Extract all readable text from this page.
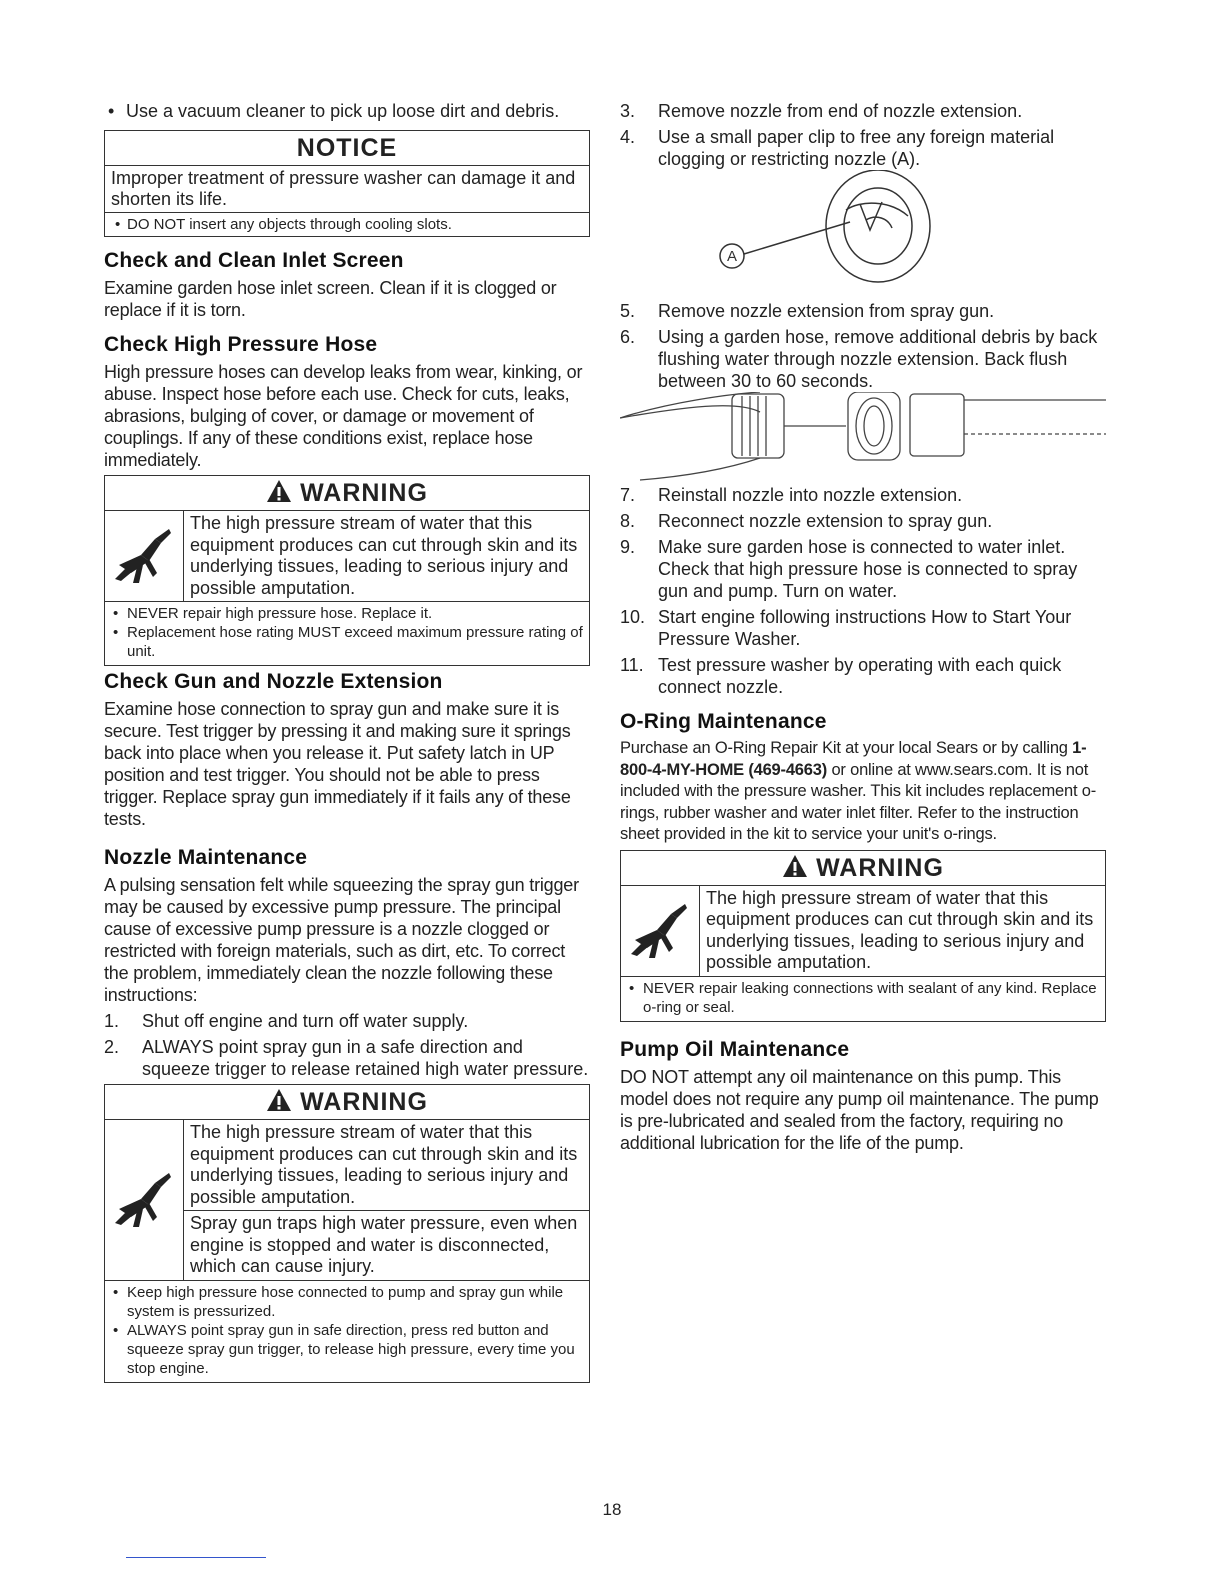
• Use a vacuum cleaner to pick up loose dirt and debris.
NOTICE
Improper treatment of pressure washer can damage it and shorten its life.
• DO NOT insert any objects through cooling slots.
Check and Clean Inlet Screen

Examine garden hose inlet screen. Clean if it is clogged or replace if it is torn.

Check High Pressure Hose

High pressure hoses can develop leaks from wear, kinking, or abuse. Inspect hose before each use. Check for cuts, leaks, abrasions, bulging of cover, or damage or movement of couplings. If any of these conditions exist, replace hose immediately.

WARNING
The high pressure stream of water that this equipment produces can cut through skin and its underlying tissues, leading to serious injury and possible amputation.
• NEVER repair high pressure hose. Replace it.
• Replacement hose rating MUST exceed maximum pressure rating of unit.
Check Gun and Nozzle Extension

Examine hose connection to spray gun and make sure it is secure. Test trigger by pressing it and making sure it springs back into place when you release it. Put safety latch in UP position and test trigger. You should not be able to press trigger. Replace spray gun immediately if it fails any of these tests.

Nozzle Maintenance

A pulsing sensation felt while squeezing the spray gun trigger may be caused by excessive pump pressure. The principal cause of excessive pump pressure is a nozzle clogged or restricted with foreign materials, such as dirt, etc. To correct the problem, immediately clean the nozzle following these instructions:

1. Shut off engine and turn off water supply.
2. ALWAYS point spray gun in a safe direction and squeeze trigger to release retained high water pressure.
WARNING
The high pressure stream of water that this equipment produces can cut through skin and its underlying tissues, leading to serious injury and possible amputation.
Spray gun traps high water pressure, even when engine is stopped and water is disconnected, which can cause injury.
• Keep high pressure hose connected to pump and spray gun while system is pressurized.
• ALWAYS point spray gun in safe direction, press red button and squeeze spray gun trigger, to release high pressure, every time you stop engine.
3. Remove nozzle from end of nozzle extension.
4. Use a small paper clip to free any foreign material clogging or restricting nozzle (A).
A
5. Remove nozzle extension from spray gun.
6. Using a garden hose, remove additional debris by back flushing water through nozzle extension. Back flush between 30 to 60 seconds.
7. Reinstall nozzle into nozzle extension.
8. Reconnect nozzle extension to spray gun.
9. Make sure garden hose is connected to water inlet. Check that high pressure hose is connected to spray gun and pump. Turn on water.
10. Start engine following instructions How to Start Your Pressure Washer.
11. Test pressure washer by operating with each quick connect nozzle.
O-Ring Maintenance

Purchase an O-Ring Repair Kit at your local Sears or by calling 1-800-4-MY-HOME (469-4663) or online at www.sears.com. It is not included with the pressure washer. This kit includes replacement o-rings, rubber washer and water inlet filter. Refer to the instruction sheet provided in the kit to service your unit's o-rings.

WARNING
The high pressure stream of water that this equipment produces can cut through skin and its underlying tissues, leading to serious injury and possible amputation.
• NEVER repair leaking connections with sealant of any kind. Replace o-ring or seal.
Pump Oil Maintenance

DO NOT attempt any oil maintenance on this pump. This model does not require any pump oil maintenance. The pump is pre-lubricated and sealed from the factory, requiring no additional lubrication for the life of the pump.

18
